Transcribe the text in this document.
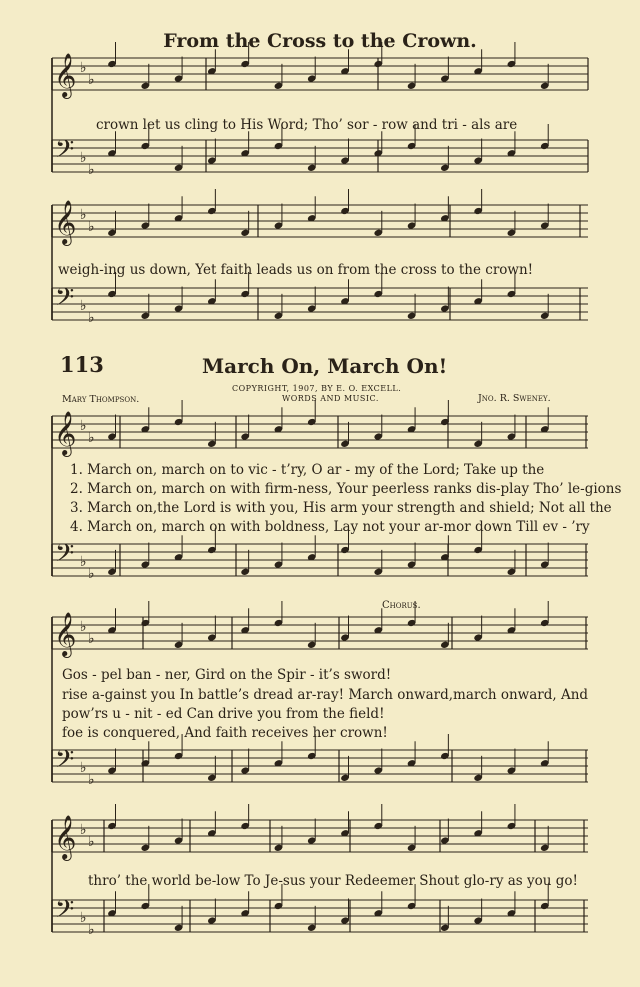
𝄞 ♭
♭
𝄢 ♭
♭
𝄞 ♭
♭
𝄢 ♭
♭
𝄞 ♭
♭
𝄢 ♭
♭
𝄞 ♭
♭
𝄢 ♭
♭
𝄞 ♭
♭
𝄢 ♭
♭
From the Cross to the Crown.
crown let us cling to His Word; Tho’ sor - row and tri - als are
weigh-ing us down, Yet faith leads us on from the cross to the crown!
113	March On, March On!
Mary Thompson.
COPYRIGHT, 1907, BY E. O. EXCELL.
WORDS AND MUSIC.	Jno. R. Sweney.
1. March on, march on to vic - t’ry, O ar - my of the Lord; Take up the
2. March on, march on with firm-ness, Your peerless ranks dis-play Tho’ le-gions
3. March on,the Lord is with you, His arm your strength and shield; Not all the
4. March on, march on with boldness, Lay not your ar-mor down Till ev - ’ry
Chorus.
Gos - pel ban - ner, Gird on the Spir - it’s sword!
rise a-gainst you In battle’s dread ar-ray! March onward,march onward, And
pow’rs u - nit - ed Can drive you from the field!
foe is conquered, And faith receives her crown!
thro’ the world be-low To Je-sus your Redeemer Shout glo-ry as you go!
